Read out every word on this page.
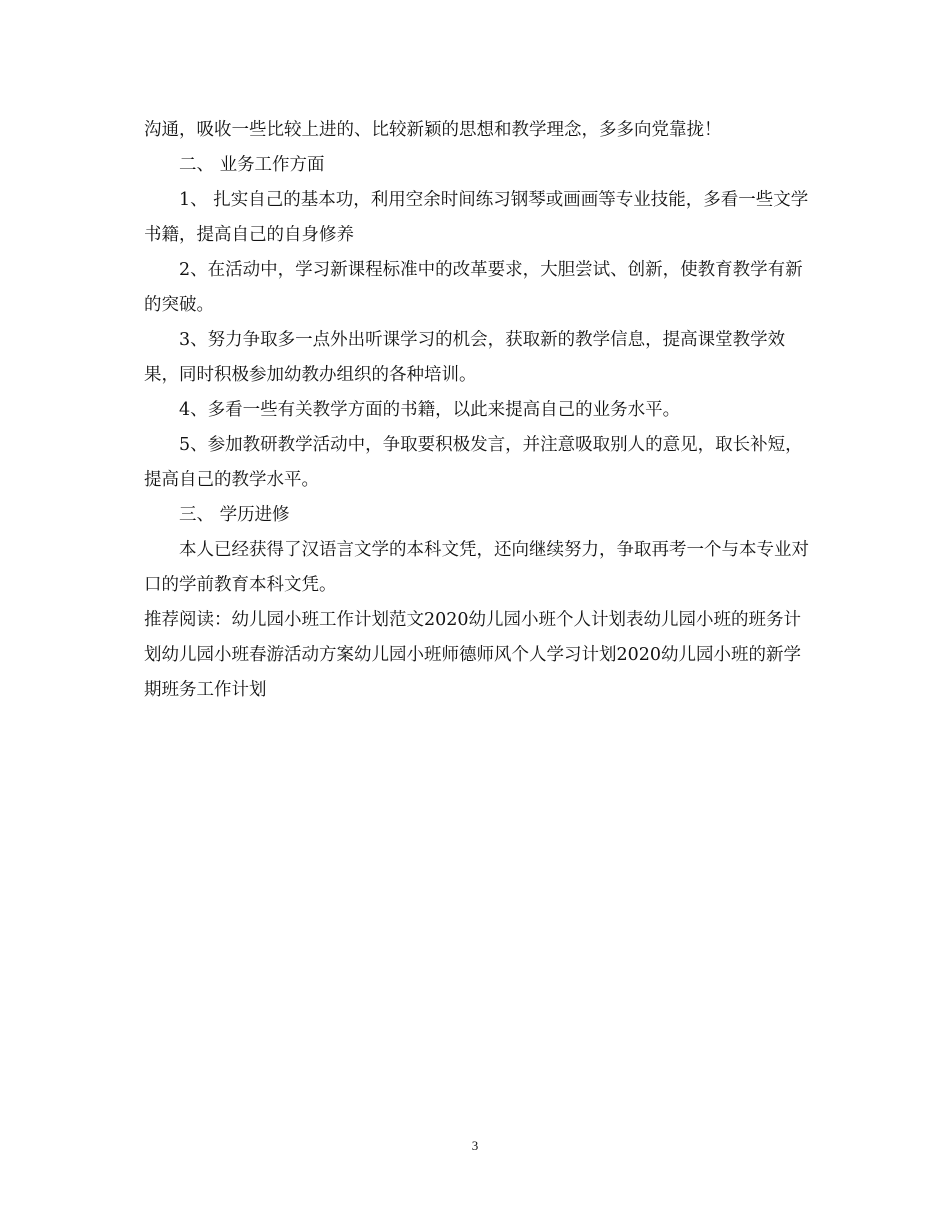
沟通，吸收一些比较上进的、比较新颖的思想和教学理念，多多向党靠拢！

二、 业务工作方面

1、 扎实自己的基本功，利用空余时间练习钢琴或画画等专业技能，多看一些文学书籍，提高自己的自身修养

2、在活动中，学习新课程标准中的改革要求，大胆尝试、创新，使教育教学有新的突破。

3、努力争取多一点外出听课学习的机会，获取新的教学信息，提高课堂教学效果，同时积极参加幼教办组织的各种培训。

4、多看一些有关教学方面的书籍，以此来提高自己的业务水平。

5、参加教研教学活动中，争取要积极发言，并注意吸取别人的意见，取长补短，提高自己的教学水平。

三、 学历进修

本人已经获得了汉语言文学的本科文凭，还向继续努力，争取再考一个与本专业对口的学前教育本科文凭。

推荐阅读：幼儿园小班工作计划范文2020幼儿园小班个人计划表幼儿园小班的班务计划幼儿园小班春游活动方案幼儿园小班师德师风个人学习计划2020幼儿园小班的新学期班务工作计划

3
